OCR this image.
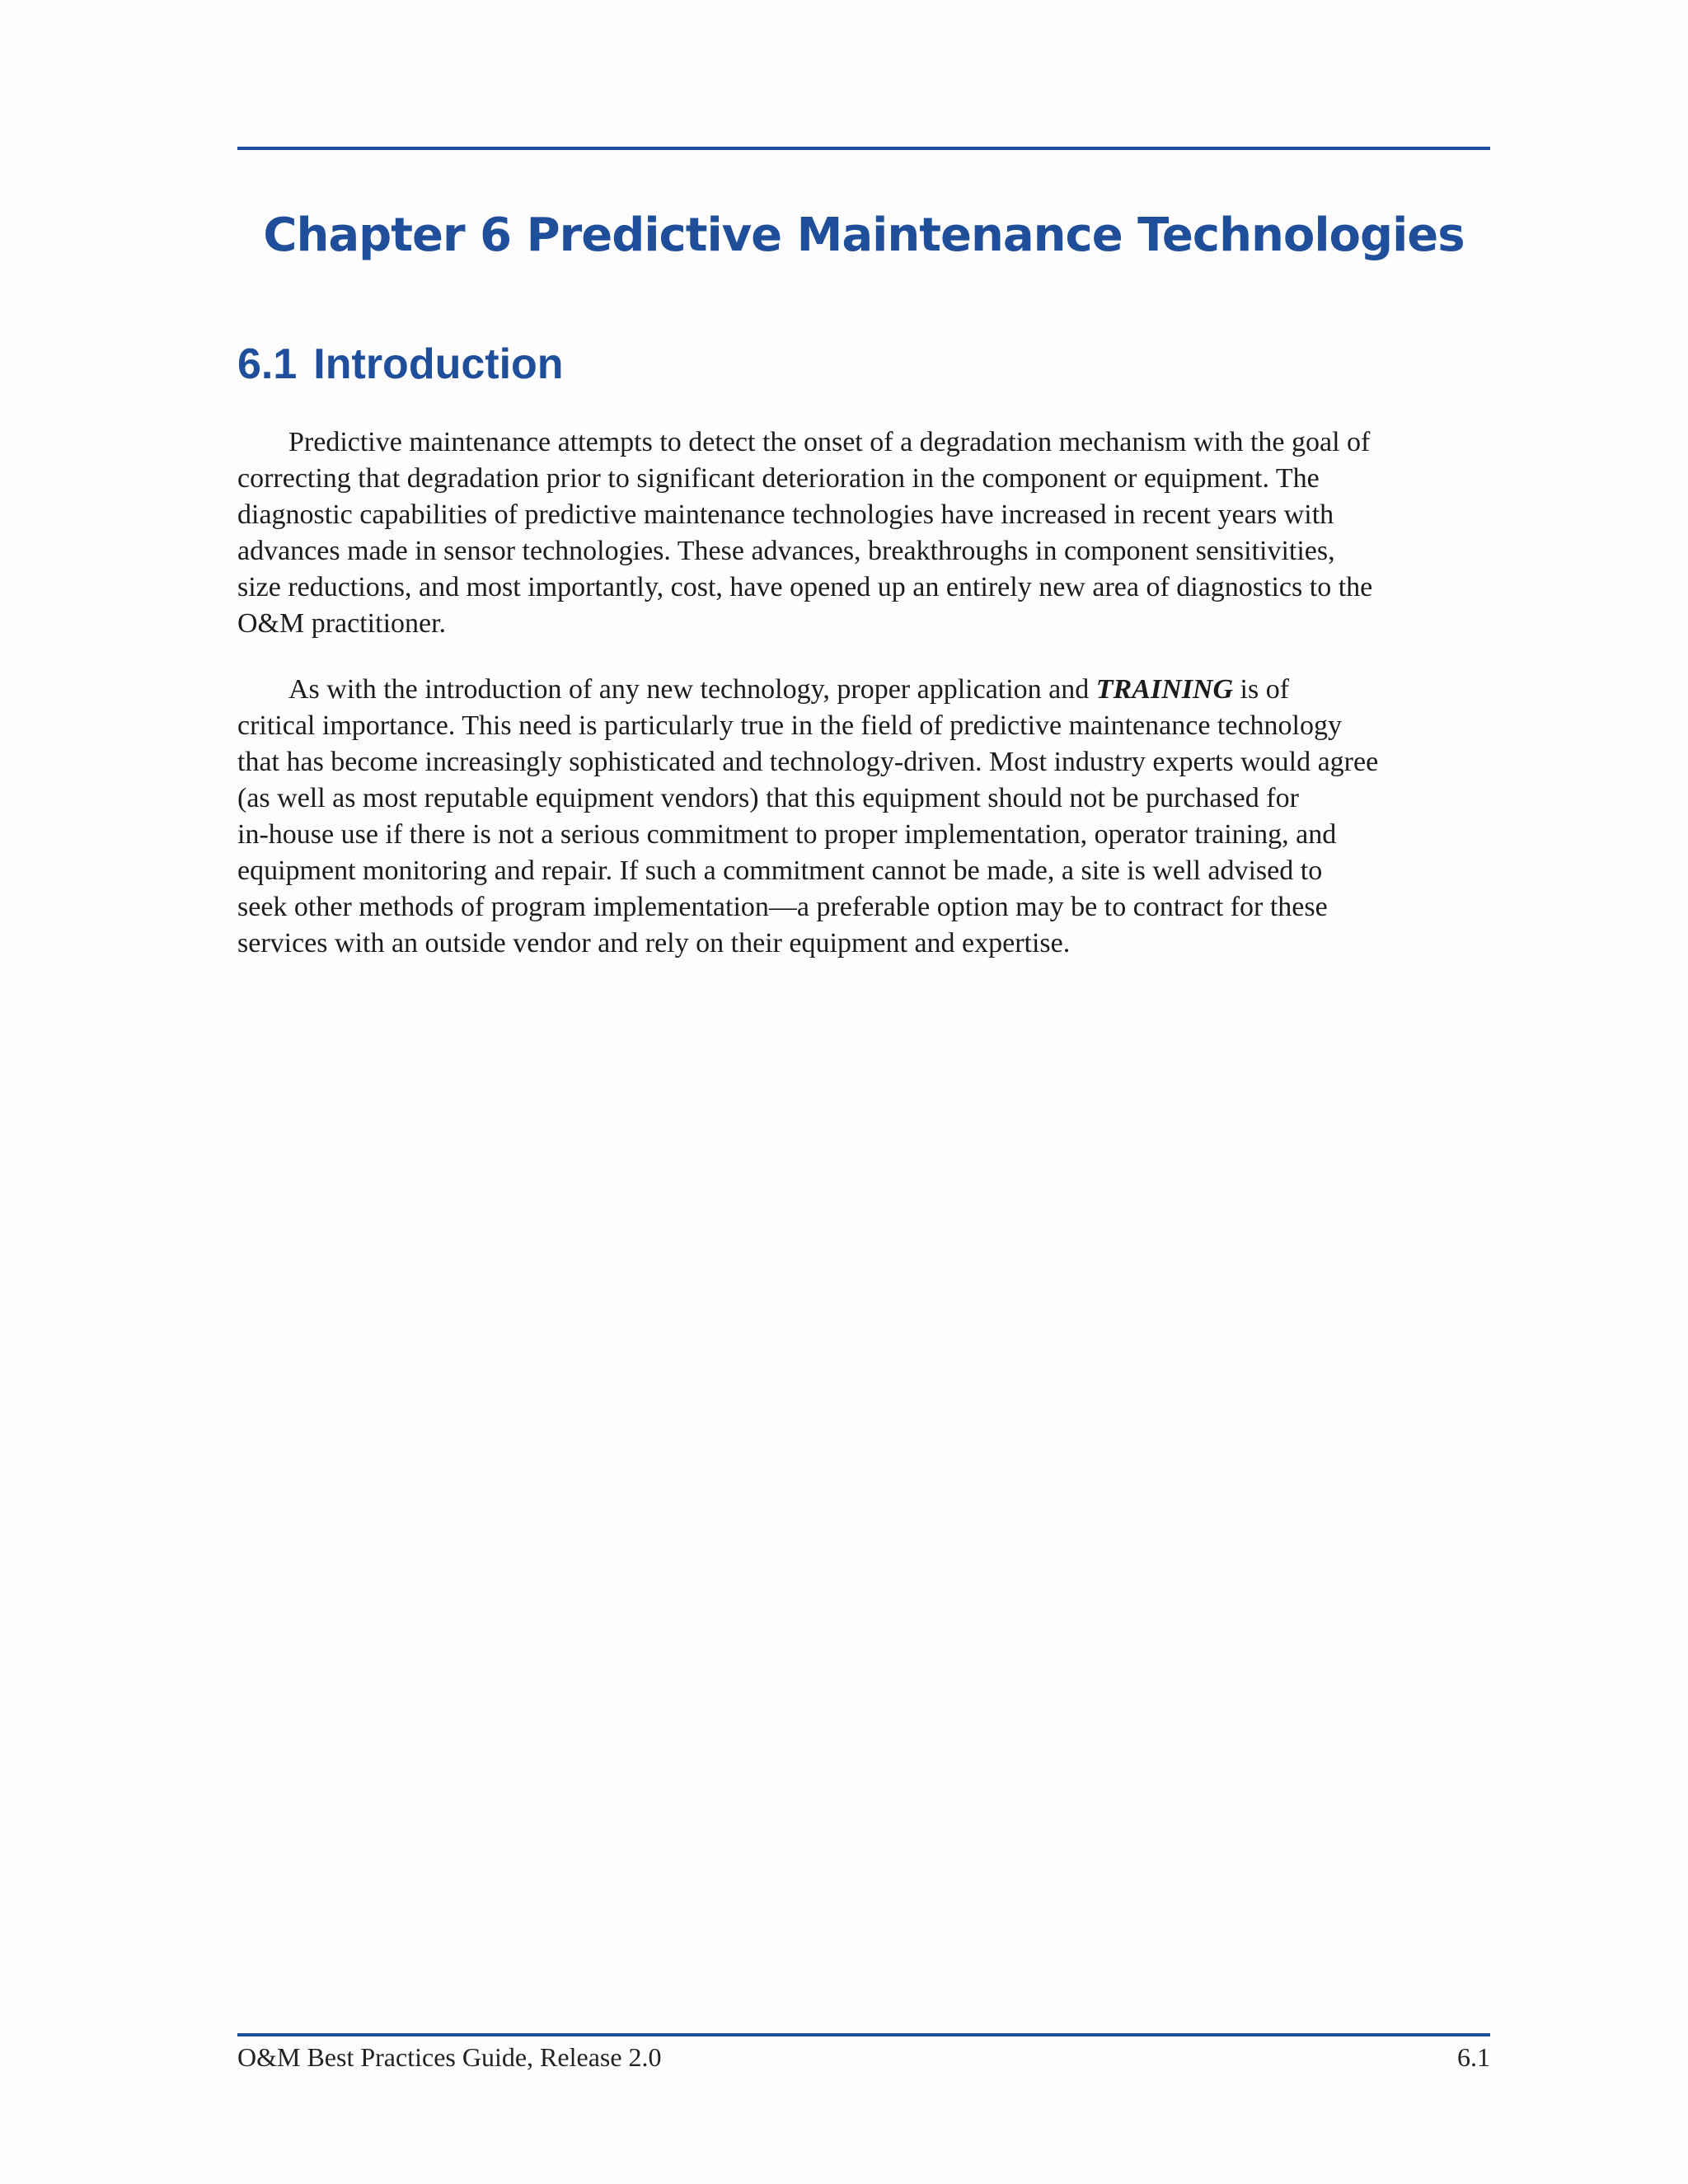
Chapter 6 Predictive Maintenance Technologies
6.1 Introduction
Predictive maintenance attempts to detect the onset of a degradation mechanism with the goal of
correcting that degradation prior to significant deterioration in the component or equipment. The
diagnostic capabilities of predictive maintenance technologies have increased in recent years with
advances made in sensor technologies. These advances, breakthroughs in component sensitivities,
size reductions, and most importantly, cost, have opened up an entirely new area of diagnostics to the
O&M practitioner.
As with the introduction of any new technology, proper application and TRAINING is of
critical importance. This need is particularly true in the field of predictive maintenance technology
that has become increasingly sophisticated and technology-driven. Most industry experts would agree
(as well as most reputable equipment vendors) that this equipment should not be purchased for
in-house use if there is not a serious commitment to proper implementation, operator training, and
equipment monitoring and repair. If such a commitment cannot be made, a site is well advised to
seek other methods of program implementation—a preferable option may be to contract for these
services with an outside vendor and rely on their equipment and expertise.
O&M Best Practices Guide, Release 2.0	6.1
